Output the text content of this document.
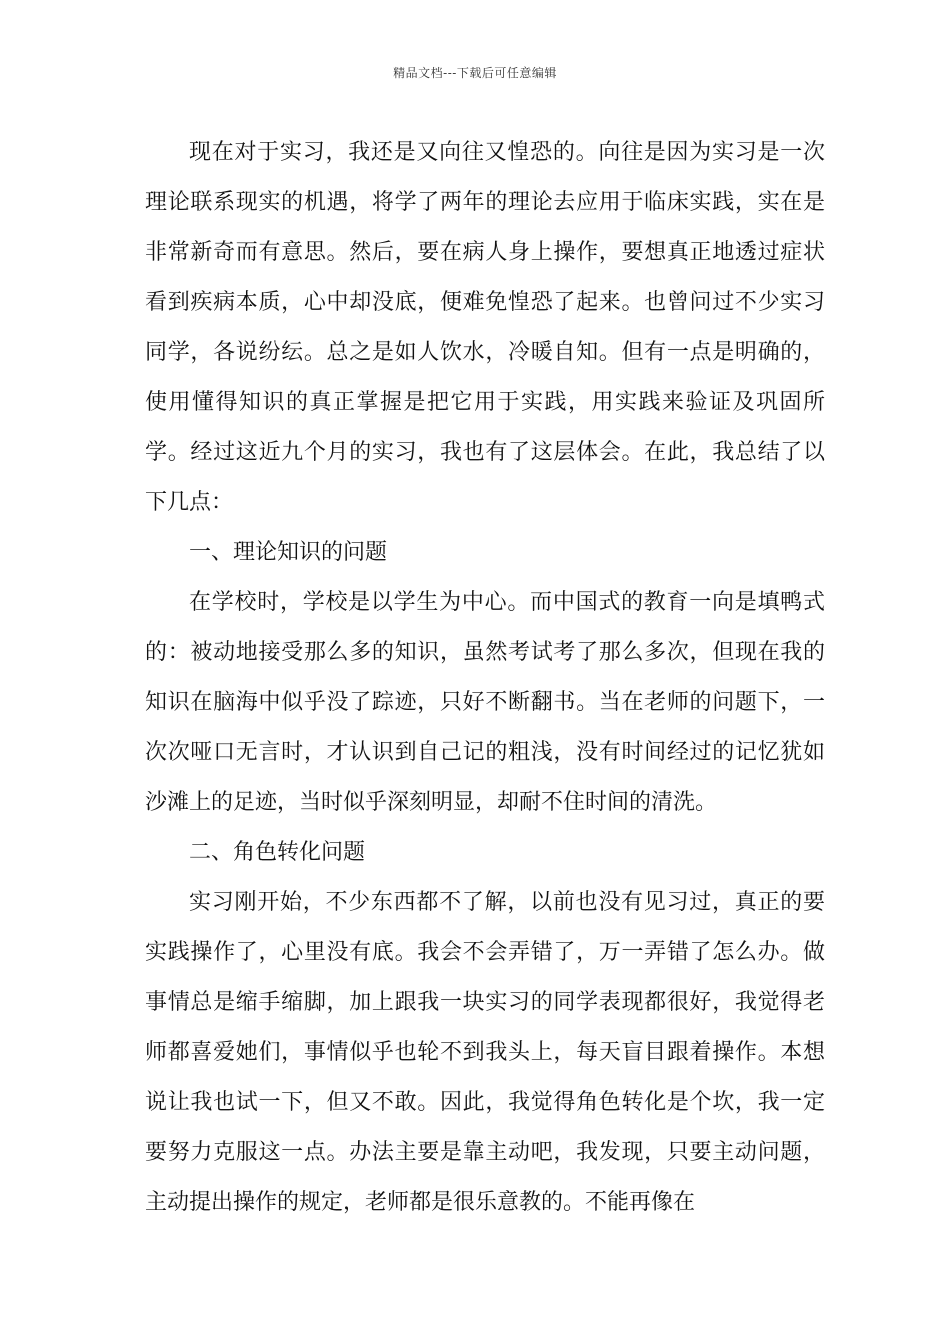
精品文档---下载后可任意编辑

现在对于实习，我还是又向往又惶恐的。向往是因为实习是一次理论联系现实的机遇，将学了两年的理论去应用于临床实践，实在是非常新奇而有意思。然后，要在病人身上操作，要想真正地透过症状看到疾病本质，心中却没底，便难免惶恐了起来。也曾问过不少实习同学，各说纷纭。总之是如人饮水，冷暖自知。但有一点是明确的，使用懂得知识的真正掌握是把它用于实践，用实践来验证及巩固所学。经过这近九个月的实习，我也有了这层体会。在此，我总结了以下几点：

一、理论知识的问题

在学校时，学校是以学生为中心。而中国式的教育一向是填鸭式的：被动地接受那么多的知识，虽然考试考了那么多次，但现在我的知识在脑海中似乎没了踪迹，只好不断翻书。当在老师的问题下，一次次哑口无言时，才认识到自己记的粗浅，没有时间经过的记忆犹如沙滩上的足迹，当时似乎深刻明显，却耐不住时间的清洗。

二、角色转化问题

实习刚开始，不少东西都不了解，以前也没有见习过，真正的要实践操作了，心里没有底。我会不会弄错了，万一弄错了怎么办。做事情总是缩手缩脚，加上跟我一块实习的同学表现都很好，我觉得老师都喜爱她们，事情似乎也轮不到我头上，每天盲目跟着操作。本想说让我也试一下，但又不敢。因此，我觉得角色转化是个坎，我一定要努力克服这一点。办法主要是靠主动吧，我发现，只要主动问题，主动提出操作的规定，老师都是很乐意教的。不能再像在
